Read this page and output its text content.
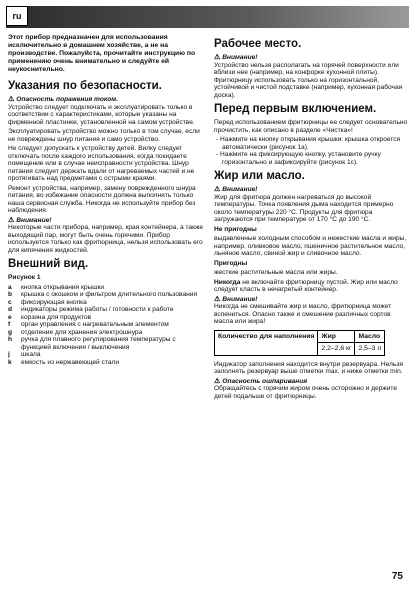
ru

Этот прибор предназначен для использования исключительно в домашнем хозяйстве, а не на производстве. Пожалуйста, прочитайте инструкцию по применению очень внимательно и следуйте ей неукоснительно.

Указания по безопасности.
⚠ Опасность поражения током.

Устройство следует подключать и эксплуатировать только в соответствии с характеристиками, которые указаны на фирменной пластинке, установленной на самом устройстве.

Эксплуатировать устройство можно только в том случае, если не повреждены шнур питания и само устройство.

Не следует допускать к устройству детей. Вилку следует отключать после каждого использования, когда покидаете помещение или в случае неисправности устройства. Шнур питания следует держать вдали от нагреваемых частей и не протягивать над предметами с острыми краями.

Ремонт устройства, например, замену поврежденного шнура питания, во избежание опасности должна выполнять только наша сервисная служба. Никогда не используйте прибор без наблюдения.

⚠ Внимание!

Некоторые части прибора, например, края контейнера, а также выходящий пар, могут быть очень горячими. Прибор используется только как фритюрница, нельзя использовать его для кипячения жидкостей.

Внешний вид.

Рисунок 1

a	кнопка открывания крышки
b	крышка с окошком и фильтром длительного пользования
c	фиксирующая кнопка
d	индикаторы режима работы / готовности к работе
e	корзина для продуктов
f	орган управления с нагревательным элементом
g	отделение для хранения электрошнура
h	ручка для плавного регулирования температуры с функцией включения / выключения
j	шкала
k	емкость из нержавеющей стали
Рабочее место.
⚠ Внимание!

Устройство нельзя располагать на горячей поверхности или вблизи нее (например, на конфорке кухонной плиты). Фритюрницу использовать только на горизонтальной, устойчивой и чистой подставке (например, кухонная рабочая доска).

Перед первым включением.

Перед использованием фритюрницы ее следует основательно прочистить, как описано в разделе «Чистка»!

- Нажмите на кнопку открывания крышки: крышка откроется автоматически (рисунок 1a).
- Нажмите на фиксирующую кнопку, установите ручку горизонтально и зафиксируйте (рисунок 1c).
Жир или масло.
⚠ Внимание!

Жир для фритюра должен нагреваться до высокой температуры. Точка появления дыма находится примерно около температуры 220 °C. Продукты для фритюра загружаются при температуре от 170 °C до 190 °C.

Не пригодны

выдавленные холодным способом и нежесткие масла и жиры, например, оливковое масло, пшеничное растительное масло, льняное масло, свиной жир и сливочное масло.

Пригодны

жесткие растительные масла или жиры.

Никогда не включайте фритюрницу пустой. Жир или масло следует класть в нечагретый контейнер.

⚠ Внимание!

Никогда не смешивайте жир и масло, фритюрница может вспениться. Опасно также и смешение различных сортов масла или жира!

Количество для наполнения	Жир	Масло
	2,2–2,6 кг	2,5–3 л

Индикатор заполнения находится внутри резервуара. Нельзя заполнять резервуар выше отметки max. и ниже отметки min.

⚠ Опасность ошпаривания

Обращайтесь с горячим жиром очень осторожно и держите детей подальше от фритюрницы.

75
